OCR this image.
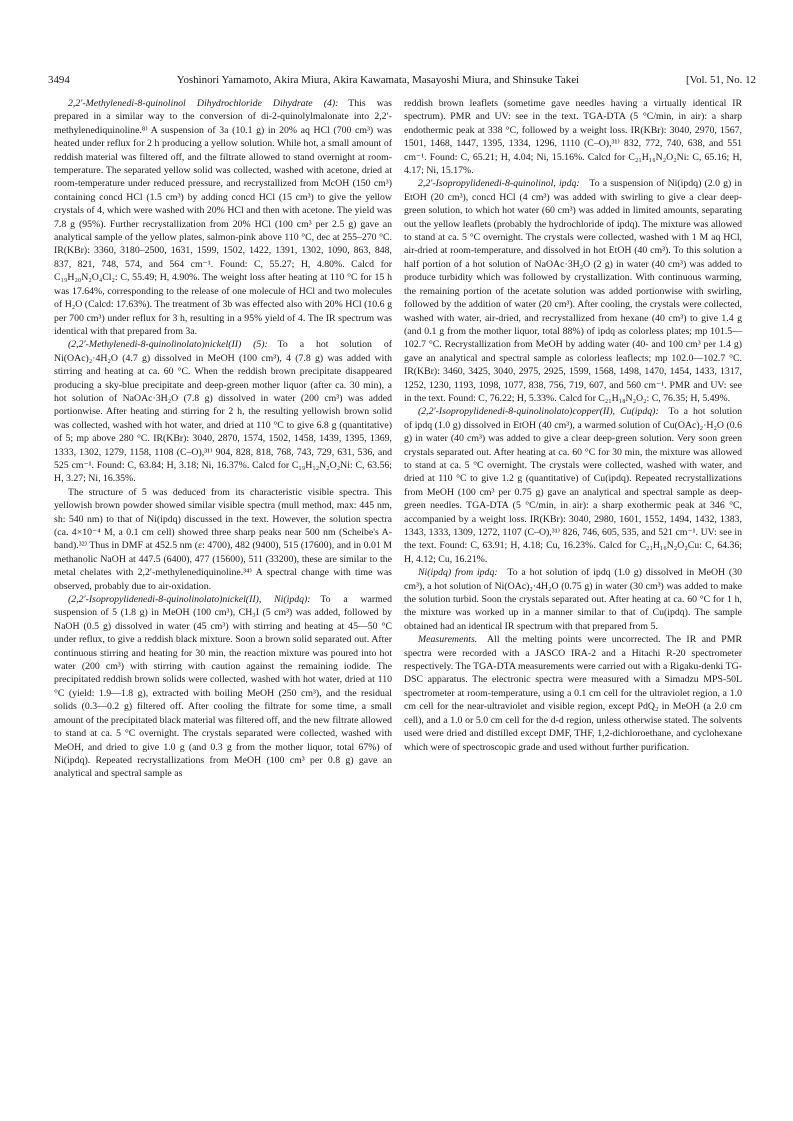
3494	Yoshinori Yamamoto, Akira Miura, Akira Kawamata, Masayoshi Miura, and Shinsuke Takei	[Vol. 51, No. 12

2,2′-Methylenedi-8-quinolinol Dihydrochloride Dihydrate (4):  This was prepared in a similar way to the conversion of di-2-quinolylmalonate into 2,2′-methylenediquinoline.⁸⁾ A suspension of 3a (10.1 g) in 20% aq HCl (700 cm³) was heated under reflux for 2 h producing a yellow solution. While hot, a small amount of reddish material was filtered off, and the filtrate allowed to stand overnight at room-temperature. The separated yellow solid was collected, washed with acetone, dried at room-temperature under reduced pressure, and recrystallized from McOH (150 cm³) containing concd HCl (1.5 cm³) by adding concd HCl (15 cm³) to give the yellow crystals of 4, which were washed with 20% HCl and then with acetone. The yield was 7.8 g (95%). Further recrystallization from 20% HCl (100 cm³ per 2.5 g) gave an analytical sample of the yellow plates, salmon-pink above 110 °C, dec at 255–270 °C. IR(KBr): 3360, 3180–2500, 1631, 1599, 1502, 1422, 1391, 1302, 1090, 863, 848, 837, 821, 748, 574, and 564 cm⁻¹. Found: C, 55.27; H, 4.80%. Calcd for C₁₉H₂₀N₂O₄Cl₂: C, 55.49; H, 4.90%. The weight loss after heating at 110 °C for 15 h was 17.64%, corresponding to the release of one molecule of HCl and two molecules of H₂O (Calcd: 17.63%). The treatment of 3b was effected also with 20% HCl (10.6 g per 700 cm³) under reflux for 3 h, resulting in a 95% yield of 4. The IR spectrum was identical with that prepared from 3a.

(2,2′-Methylenedi-8-quinolinolato)nickel(II) (5):  To a hot solution of Ni(OAc)₂·4H₂O (4.7 g) dissolved in MeOH (100 cm³), 4 (7.8 g) was added with stirring and heating at ca. 60 °C. When the reddish brown precipitate disappeared producing a sky-blue precipitate and deep-green mother liquor (after ca. 30 min), a hot solution of NaOAc·3H₂O (7.8 g) dissolved in water (200 cm³) was added portionwise. After heating and stirring for 2 h, the resulting yellowish brown solid was collected, washed with hot water, and dried at 110 °C to give 6.8 g (quantitative) of 5; mp above 280 °C. IR(KBr): 3040, 2870, 1574, 1502, 1458, 1439, 1395, 1369, 1333, 1302, 1279, 1158, 1108 (C–O),³¹⁾ 904, 828, 818, 768, 743, 729, 631, 536, and 525 cm⁻¹. Found: C, 63.84; H, 3.18; Ni, 16.37%. Calcd for C₁₉H₁₂N₂O₂Ni: C, 63.56; H, 3.27; Ni, 16.35%.

The structure of 5 was deduced from its characteristic visible spectra. This yellowish brown powder showed similar visible spectra (mull method, max: 445 nm, sh: 540 nm) to that of Ni(ipdq) discussed in the text. However, the solution spectra (ca. 4×10⁻⁴ M, a 0.1 cm cell) showed three sharp peaks near 500 nm (Scheibe's A-band).³²⁾ Thus in DMF at 452.5 nm (ε: 4700), 482 (9400), 515 (17600), and in 0.01 M methanolic NaOH at 447.5 (6400), 477 (15600), 511 (33200), these are similar to the metal chelates with 2,2′-methylenediquinoline.³⁴⁾ A spectral change with time was observed, probably due to air-oxidation.

(2,2′-Isopropylidenedi-8-quinolinolato)nickel(II), Ni(ipdq):  To a warmed suspension of 5 (1.8 g) in MeOH (100 cm³), CH₃I (5 cm³) was added, followed by NaOH (0.5 g) dissolved in water (45 cm³) with stirring and heating at 45—50 °C under reflux, to give a reddish black mixture. Soon a brown solid separated out. After continuous stirring and heating for 30 min, the reaction mixture was poured into hot water (200 cm³) with stirring with caution against the remaining iodide. The precipitated reddish brown solids were collected, washed with hot water, dried at 110 °C (yield: 1.9—1.8 g), extracted with boiling MeOH (250 cm³), and the residual solids (0.3—0.2 g) filtered off. After cooling the filtrate for some time, a small amount of the precipitated black material was filtered off, and the new filtrate allowed to stand at ca. 5 °C overnight. The crystals separated were collected, washed with MeOH, and dried to give 1.0 g (and 0.3 g from the mother liquor, total 67%) of Ni(ipdq). Repeated recrystallizations from MeOH (100 cm³ per 0.8 g) gave an analytical and spectral sample as

reddish brown leaflets (sometime gave needles having a virtually identical IR spectrum). PMR and UV: see in the text. TGA-DTA (5 °C/min, in air): a sharp endothermic peak at 338 °C, followed by a weight loss. IR(KBr): 3040, 2970, 1567, 1501, 1468, 1447, 1395, 1334, 1296, 1110 (C–O),³¹⁾ 832, 772, 740, 638, and 551 cm⁻¹. Found: C, 65.21; H, 4.04; Ni, 15.16%. Calcd for C₂₁H₁₆N₂O₂Ni: C, 65.16; H, 4.17; Ni, 15.17%.

2,2′-Isopropylidenedi-8-quinolinol, ipdq:  To a suspension of Ni(ipdq) (2.0 g) in EtOH (20 cm³), concd HCl (4 cm³) was added with swirling to give a clear deep-green solution, to which hot water (60 cm³) was added in limited amounts, separating out the yellow leaflets (probably the hydrochloride of ipdq). The mixture was allowed to stand at ca. 5 °C overnight. The crystals were collected, washed with 1 M aq HCl, air-dried at room-temperature, and dissolved in hot EtOH (40 cm³). To this solution a half portion of a hot solution of NaOAc·3H₂O (2 g) in water (40 cm³) was added to produce turbidity which was followed by crystallization. With continuous warming, the remaining portion of the acetate solution was added portionwise with swirling, followed by the addition of water (20 cm³). After cooling, the crystals were collected, washed with water, air-dried, and recrystallized from hexane (40 cm³) to give 1.4 g (and 0.1 g from the mother liquor, total 88%) of ipdq as colorless plates; mp 101.5—102.7 °C. Recrystallization from MeOH by adding water (40- and 100 cm³ per 1.4 g) gave an analytical and spectral sample as colorless leaflects; mp 102.0—102.7 °C. IR(KBr): 3460, 3425, 3040, 2975, 2925, 1599, 1568, 1498, 1470, 1454, 1433, 1317, 1252, 1230, 1193, 1098, 1077, 838, 756, 719, 607, and 560 cm⁻¹. PMR and UV: see in the text. Found: C, 76.22; H, 5.33%. Calcd for C₂₁H₁₈N₂O₂: C, 76.35; H, 5.49%.

(2,2′-Isopropylidenedi-8-quinolinolato)copper(II), Cu(ipdq):  To a hot solution of ipdq (1.0 g) dissolved in EtOH (40 cm³), a warmed solution of Cu(OAc)₂·H₂O (0.6 g) in water (40 cm³) was added to give a clear deep-green solution. Very soon green crystals separated out. After heating at ca. 60 °C for 30 min, the mixture was allowed to stand at ca. 5 °C overnight. The crystals were collected, washed with water, and dried at 110 °C to give 1.2 g (quantitative) of Cu(ipdq). Repeated recrystallizations from MeOH (100 cm³ per 0.75 g) gave an analytical and spectral sample as deep-green needles. TGA-DTA (5 °C/min, in air): a sharp exothermic peak at 346 °C, accompanied by a weight loss. IR(KBr): 3040, 2980, 1601, 1552, 1494, 1432, 1383, 1343, 1333, 1309, 1272, 1107 (C–O),³¹⁾ 826, 746, 605, 535, and 521 cm⁻¹. UV: see in the text. Found: C, 63.91; H, 4.18; Cu, 16.23%. Calcd for C₂₁H₁₆N₂O₂Cu: C, 64.36; H, 4.12; Cu, 16.21%.

Ni(ipdq) from ipdq:  To a hot solution of ipdq (1.0 g) dissolved in MeOH (30 cm³), a hot solution of Ni(OAc)₂·4H₂O (0.75 g) in water (30 cm³) was added to make the solution turbid. Soon the crystals separated out. After heating at ca. 60 °C for 1 h, the mixture was worked up in a manner similar to that of Cu(ipdq). The sample obtained had an identical IR spectrum with that prepared from 5.

Measurements.  All the melting points were uncorrected. The IR and PMR spectra were recorded with a JASCO IRA-2 and a Hitachi R-20 spectrometer respectively. The TGA-DTA measurements were carried out with a Rigaku-denki TG-DSC apparatus. The electronic spectra were measured with a Simadzu MPS-50L spectrometer at room-temperature, using a 0.1 cm cell for the ultraviolet region, a 1.0 cm cell for the near-ultraviolet and visible region, except PdQ₂ in MeOH (a 2.0 cm cell), and a 1.0 or 5.0 cm cell for the d-d region, unless otherwise stated. The solvents used were dried and distilled except DMF, THF, 1,2-dichloroethane, and cyclohexane which were of spectroscopic grade and used without further purification.
